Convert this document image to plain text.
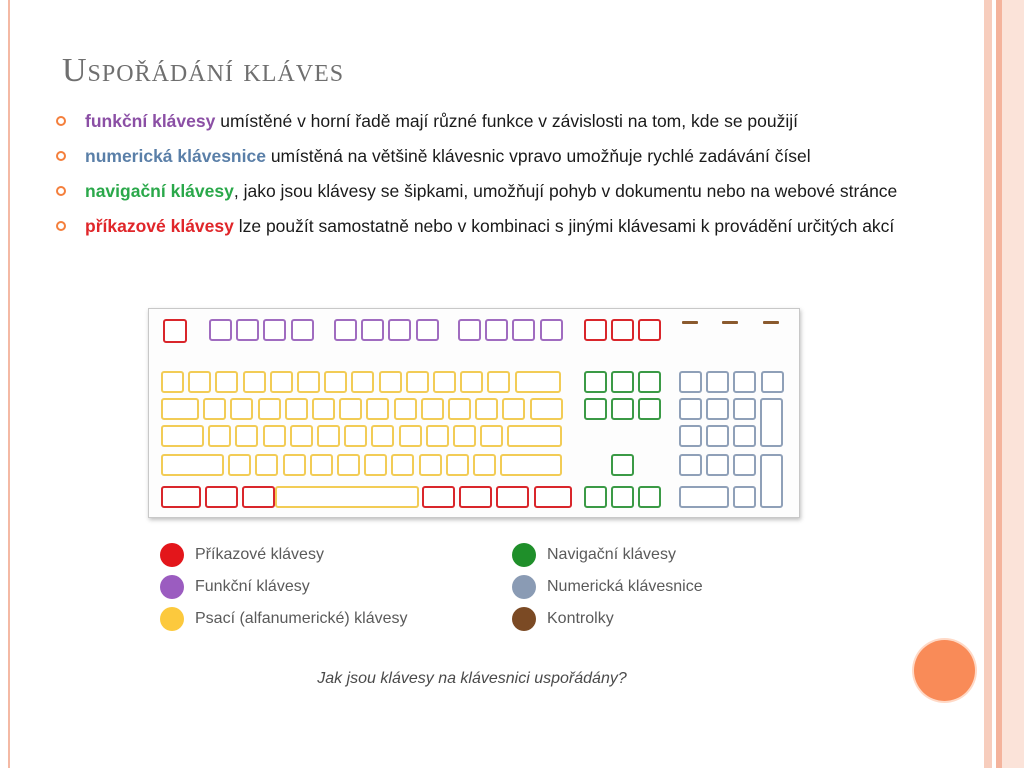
Uspořádání kláves
funkční klávesy umístěné v horní řadě mají různé funkce v závislosti na tom, kde se použijí
numerická klávesnice umístěná na většině klávesnic vpravo umožňuje rychlé zadávání čísel
navigační klávesy, jako jsou klávesy se šipkami, umožňují pohyb v dokumentu nebo na webové stránce
příkazové klávesy lze použít samostatně nebo v kombinaci s jinými klávesami k provádění určitých akcí
Příkazové klávesy
Funkční klávesy
Psací (alfanumerické) klávesy
Navigační klávesy
Numerická klávesnice
Kontrolky
Jak jsou klávesy na klávesnici uspořádány?
